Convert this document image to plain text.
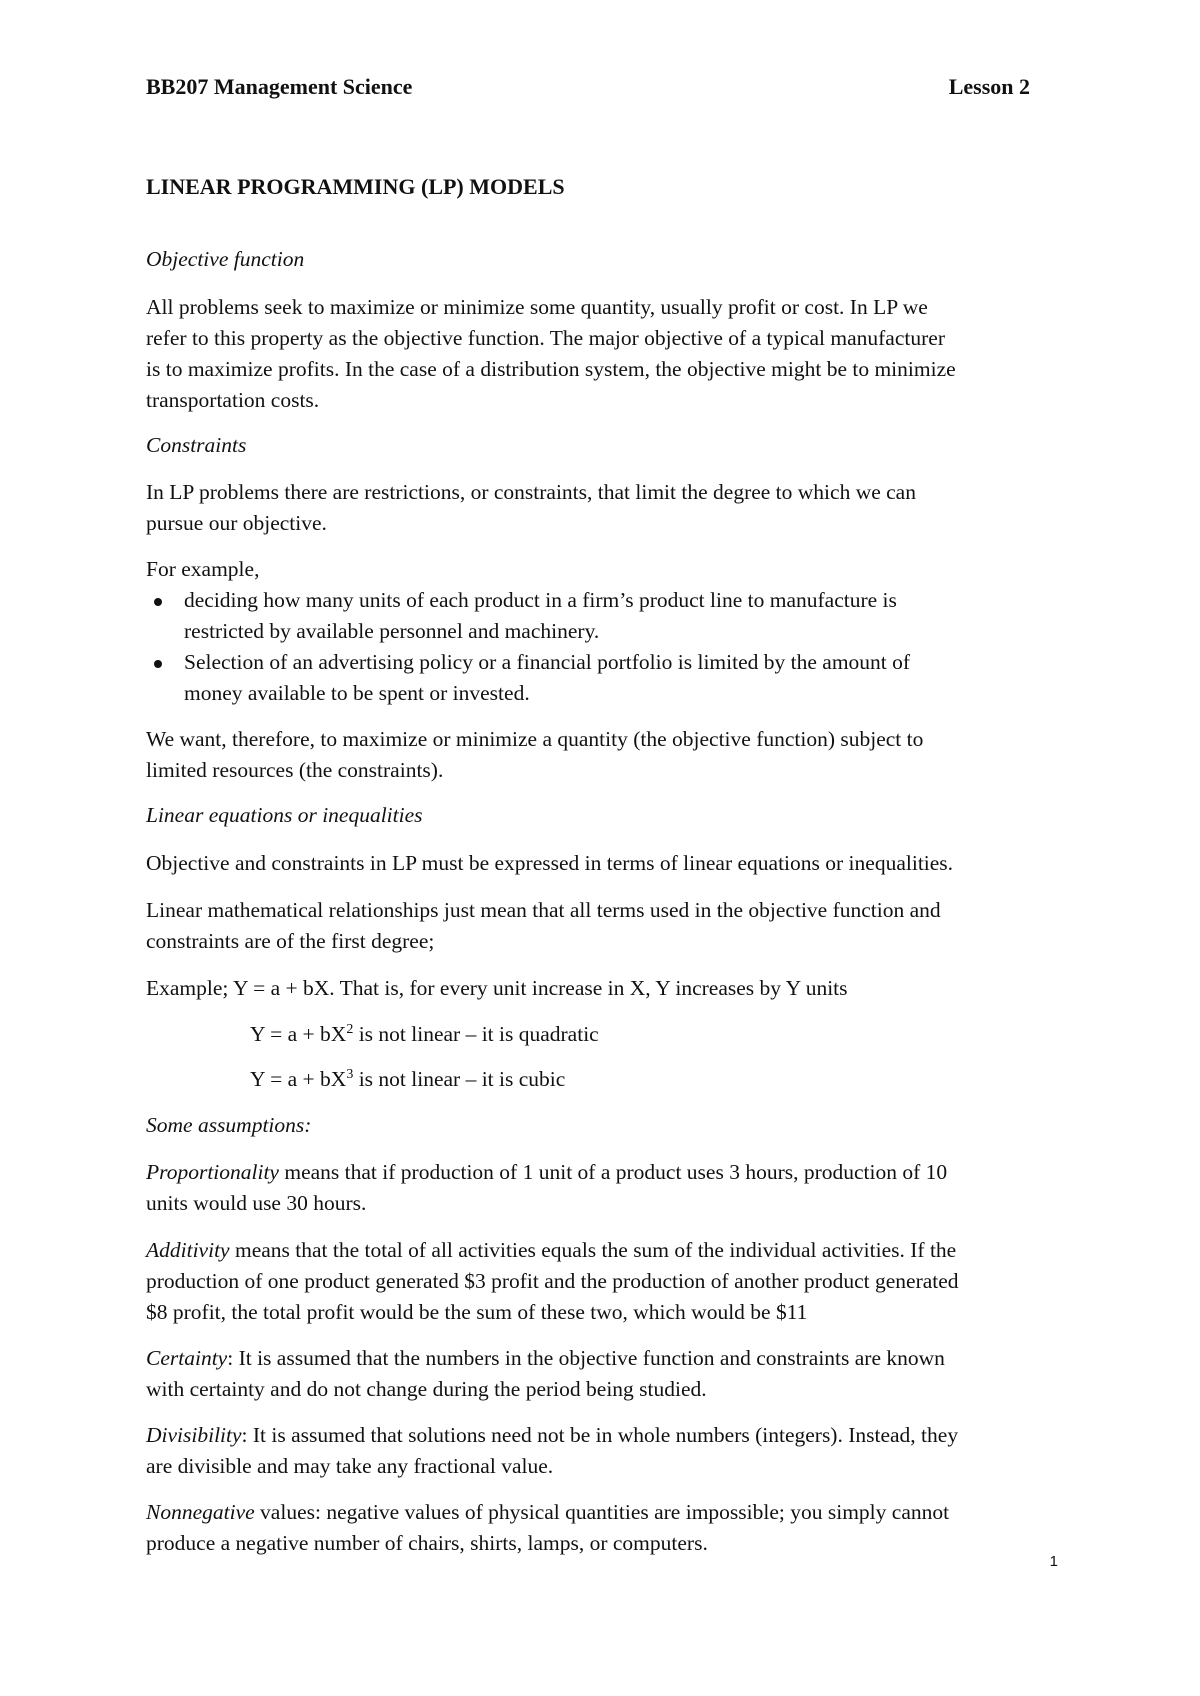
BB207 Management Science	Lesson 2
LINEAR PROGRAMMING (LP) MODELS
Objective function
All problems seek to maximize or minimize some quantity, usually profit or cost. In LP we
refer to this property as the objective function. The major objective of a typical manufacturer
is to maximize profits. In the case of a distribution system, the objective might be to minimize
transportation costs.
Constraints
In LP problems there are restrictions, or constraints, that limit the degree to which we can
pursue our objective.
For example,
deciding how many units of each product in a firm’s product line to manufacture is
restricted by available personnel and machinery.
Selection of an advertising policy or a financial portfolio is limited by the amount of
money available to be spent or invested.
We want, therefore, to maximize or minimize a quantity (the objective function) subject to
limited resources (the constraints).
Linear equations or inequalities
Objective and constraints in LP must be expressed in terms of linear equations or inequalities.
Linear mathematical relationships just mean that all terms used in the objective function and
constraints are of the first degree;
Example; Y = a + bX. That is, for every unit increase in X, Y increases by Y units
$Y = a + bX^2$ is not linear – it is quadratic
$Y = a + bX^3$ is not linear – it is cubic
Some assumptions:
Proportionality means that if production of 1 unit of a product uses 3 hours, production of 10
units would use 30 hours.
Additivity means that the total of all activities equals the sum of the individual activities. If the
production of one product generated $3 profit and the production of another product generated
$8 profit, the total profit would be the sum of these two, which would be $11
Certainty: It is assumed that the numbers in the objective function and constraints are known
with certainty and do not change during the period being studied.
Divisibility: It is assumed that solutions need not be in whole numbers (integers). Instead, they
are divisible and may take any fractional value.
Nonnegative values: negative values of physical quantities are impossible; you simply cannot
produce a negative number of chairs, shirts, lamps, or computers.
1
